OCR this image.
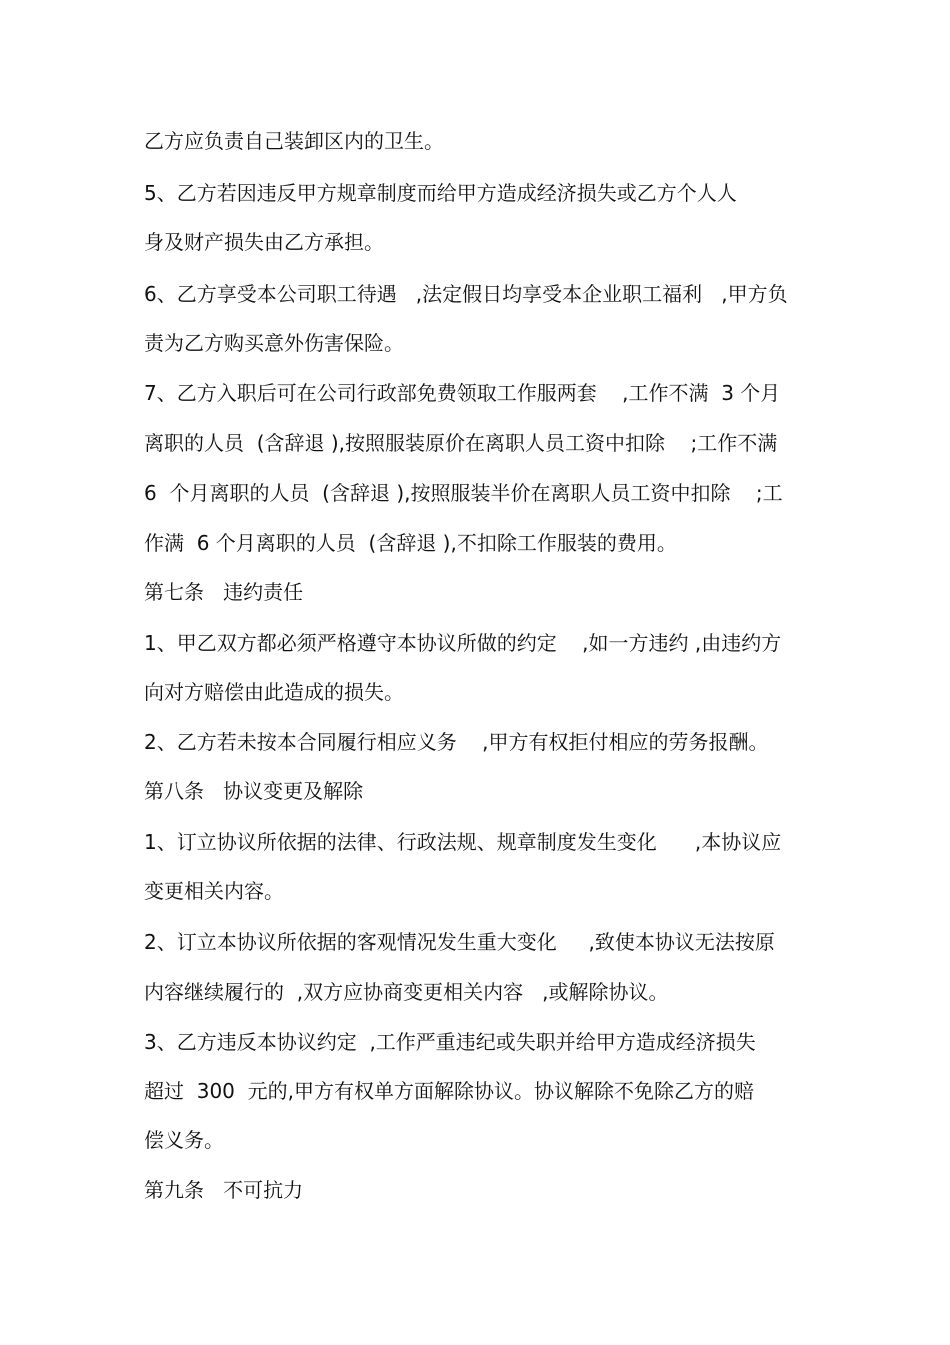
乙方应负责自己装卸区内的卫生。

5、乙方若因违反甲方规章制度而给甲方造成经济损失或乙方个人人

身及财产损失由乙方承担。

6、乙方享受本公司职工待遇   ,法定假日均享受本企业职工福利   ,甲方负

责为乙方购买意外伤害保险。

7、乙方入职后可在公司行政部免费领取工作服两套    ,工作不满  3 个月

离职的人员  (含辞退 ),按照服装原价在离职人员工资中扣除    ;工作不满

6  个月离职的人员  (含辞退 ),按照服装半价在离职人员工资中扣除    ;工

作满  6 个月离职的人员  (含辞退 ),不扣除工作服装的费用。

第七条   违约责任

1、甲乙双方都必须严格遵守本协议所做的约定    ,如一方违约 ,由违约方

向对方赔偿由此造成的损失。

2、乙方若未按本合同履行相应义务    ,甲方有权拒付相应的劳务报酬。

第八条   协议变更及解除

1、订立协议所依据的法律、行政法规、规章制度发生变化      ,本协议应

变更相关内容。

2、订立本协议所依据的客观情况发生重大变化     ,致使本协议无法按原

内容继续履行的  ,双方应协商变更相关内容   ,或解除协议。

3、乙方违反本协议约定  ,工作严重违纪或失职并给甲方造成经济损失

超过  300  元的,甲方有权单方面解除协议。协议解除不免除乙方的赔

偿义务。

第九条   不可抗力
